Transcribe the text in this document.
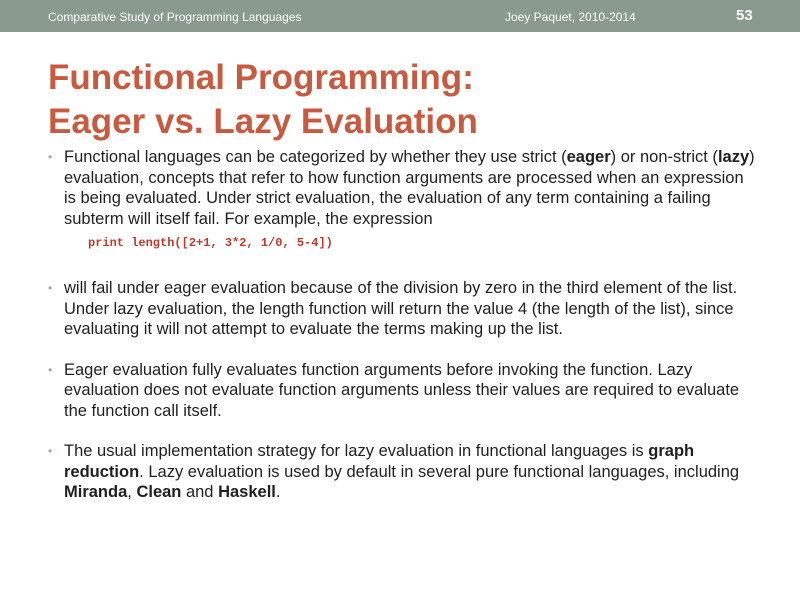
Comparative Study of Programming Languages	Joey Paquet, 2010-2014	53
Functional Programming:
Eager vs. Lazy Evaluation
• Functional languages can be categorized by whether they use strict (eager) or non-strict (lazy) evaluation, concepts that refer to how function arguments are processed when an expression is being evaluated. Under strict evaluation, the evaluation of any term containing a failing subterm will itself fail. For example, the expression
print length([2+1, 3*2, 1/0, 5-4])
• will fail under eager evaluation because of the division by zero in the third element of the list. Under lazy evaluation, the length function will return the value 4 (the length of the list), since evaluating it will not attempt to evaluate the terms making up the list.
• Eager evaluation fully evaluates function arguments before invoking the function. Lazy evaluation does not evaluate function arguments unless their values are required to evaluate the function call itself.
• The usual implementation strategy for lazy evaluation in functional languages is graph reduction. Lazy evaluation is used by default in several pure functional languages, including Miranda, Clean and Haskell.
